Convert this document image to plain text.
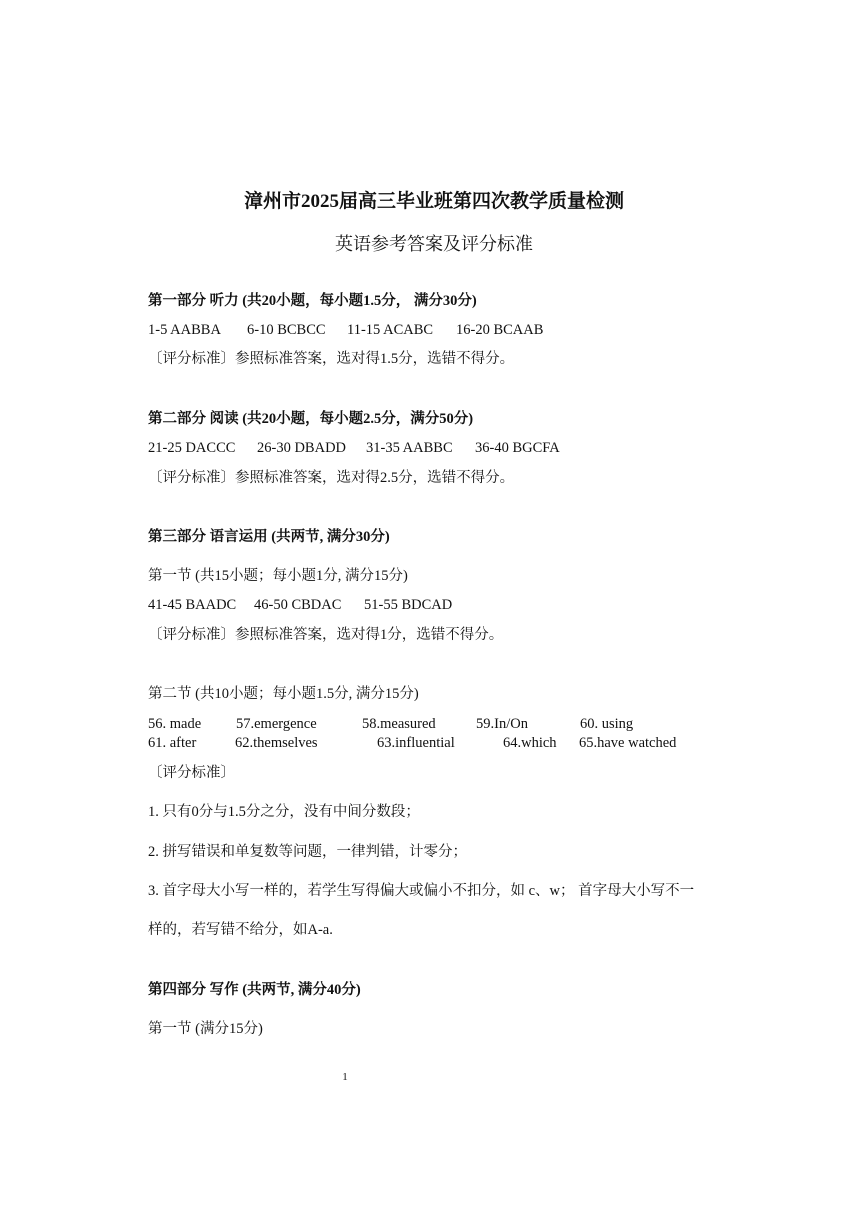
漳州市2025届高三毕业班第四次教学质量检测
英语参考答案及评分标准
第一部分 听力 (共20小题，每小题1.5分， 满分30分)
1-5 AABBA 6-10 BCBCC 11-15 ACABC 16-20 BCAAB
〔评分标准〕参照标准答案，选对得1.5分，选错不得分。
第二部分 阅读 (共20小题，每小题2.5分，满分50分)
21-25 DACCC 26-30 DBADD 31-35 AABBC 36-40 BGCFA
〔评分标准〕参照标准答案，选对得2.5分，选错不得分。
第三部分 语言运用 (共两节, 满分30分)
第一节 (共15小题；每小题1分, 满分15分)
41-45 BAADC 46-50 CBDAC 51-55 BDCAD
〔评分标准〕参照标准答案，选对得1分，选错不得分。
第二节 (共10小题；每小题1.5分, 满分15分)
56. made 57.emergence	58.measured	59.In/On	60. using
61. after	62.themselves	63.influential	64.which 65.have watched
〔评分标准〕
1. 只有0分与1.5分之分，没有中间分数段；
2. 拼写错误和单复数等问题，一律判错，计零分；
3. 首字母大小写一样的，若学生写得偏大或偏小不扣分，如 c、w； 首字母大小写不一
样的，若写错不给分，如A-a.
第四部分 写作 (共两节, 满分40分)
第一节 (满分15分)
1
